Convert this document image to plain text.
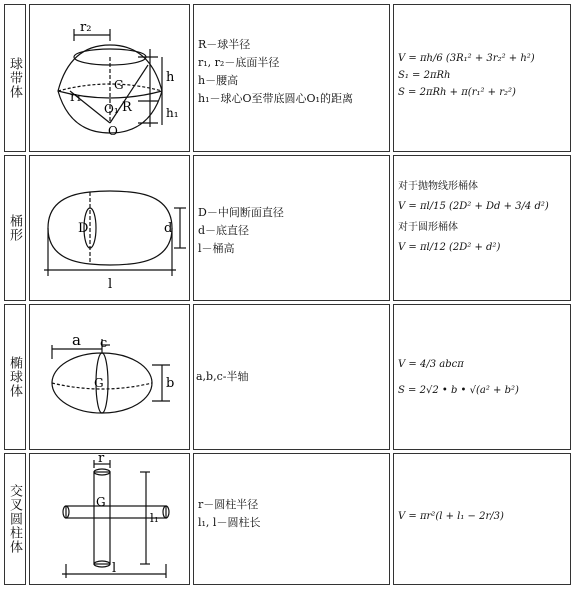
球带体
桶形
椭球体
交叉圆柱体
r₂
G
r₁
O₁ R
O
h
h₁
D	d
l
a c
G	b
r
G
l
l₁
R－球半径
r₁, r₂－底面半径
h－腰高
h₁－球心O至带底圆心O₁的距离
D－中间断面直径
d－底直径
l－桶高
a,b,c-半轴
r－圆柱半径
l₁, l－圆柱长
V = πh/6 (3R₁² + 3r₂² + h²)
S₁ = 2πRh
S = 2πRh + π(r₁² + r₂²)
对于抛物线形桶体
V = πl/15 (2D² + Dd + 3/4 d²)
对于圆形桶体
V = πl/12 (2D² + d²)
V = 4/3 abcπ
S = 2√2 • b • √(a² + b²)
V = πr²(l + l₁ − 2r/3)
